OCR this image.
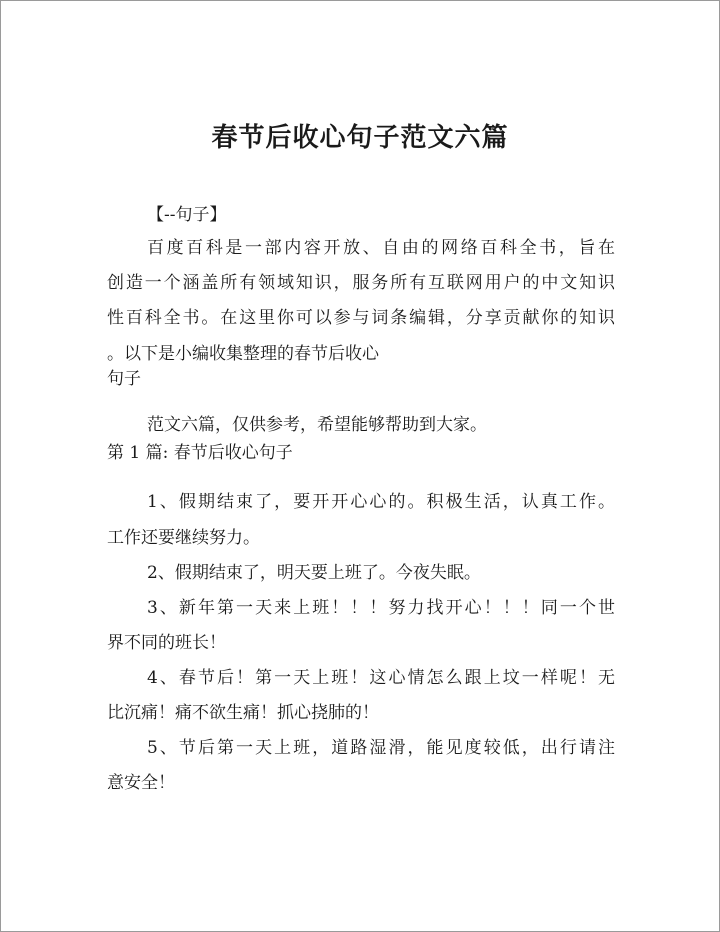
春节后收心句子范文六篇
【--句子】
百度百科是一部内容开放、自由的网络百科全书，旨在
创造一个涵盖所有领域知识，服务所有互联网用户的中文知识
性百科全书。在这里你可以参与词条编辑，分享贡献你的知识
。以下是小编收集整理的春节后收心
句子
范文六篇，仅供参考，希望能够帮助到大家。
第 1 篇: 春节后收心句子
1、假期结束了，要开开心心的。积极生活，认真工作。
工作还要继续努力。
2、假期结束了，明天要上班了。今夜失眠。
3、新年第一天来上班！！！努力找开心！！！同一个世
界不同的班长！
4、春节后！第一天上班！这心情怎么跟上坟一样呢！无
比沉痛！痛不欲生痛！抓心挠肺的！
5、节后第一天上班，道路湿滑，能见度较低，出行请注
意安全！
